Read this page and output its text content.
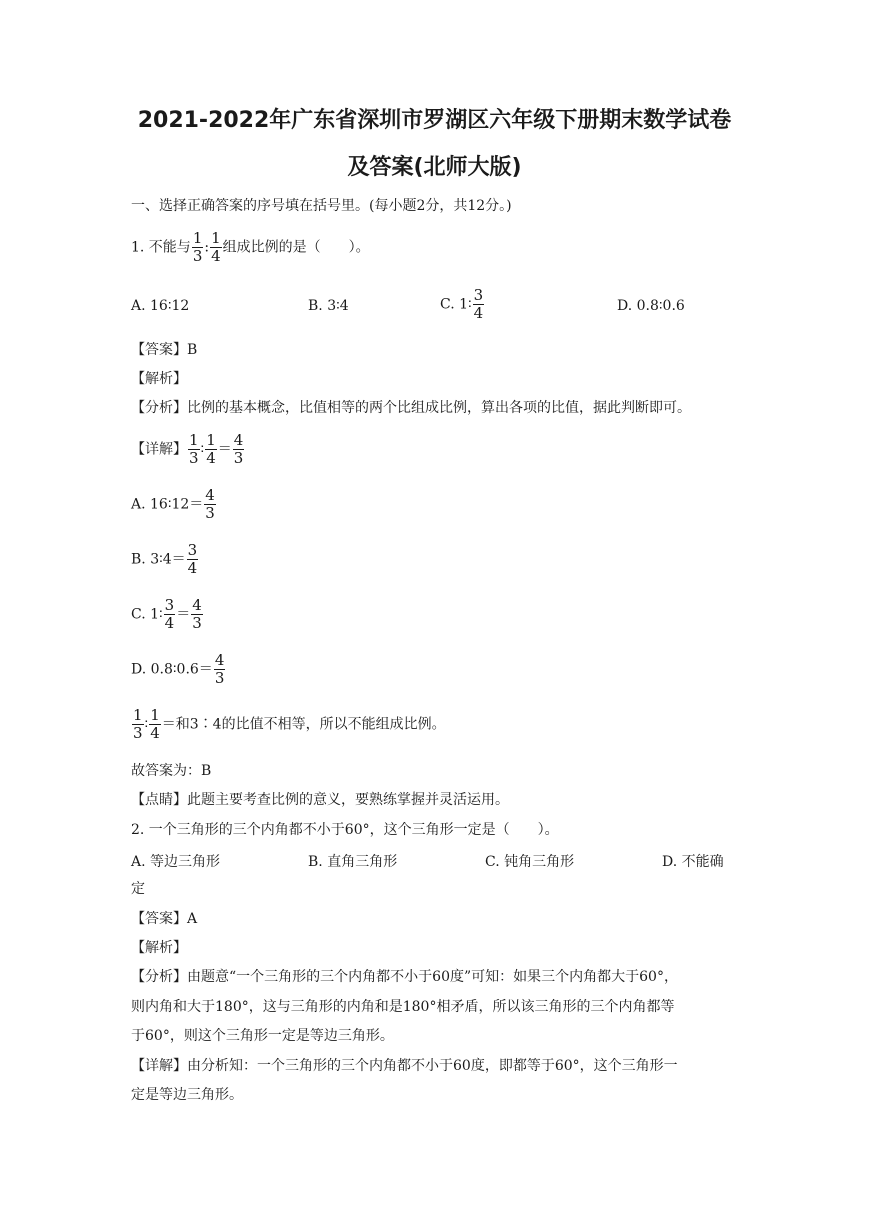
2021-2022年广东省深圳市罗湖区六年级下册期末数学试卷
及答案(北师大版)
一、选择正确答案的序号填在括号里。(每小题2分，共12分。)
1. 不能与 $\frac{1}{3}$ : $\frac{1}{4}$ 组成比例的是（　　）。
A. 16∶12	B. 3∶4	C. 1∶ $\frac{3}{4}$	D. 0.8∶0.6
【答案】B
【解析】
【分析】比例的基本概念，比值相等的两个比组成比例，算出各项的比值，据此判断即可。
【详解】 $\frac{1}{3}$ ∶ $\frac{1}{4} = \frac{4}{3}$
A. 16∶12＝ $\frac{4}{3}$
B. 3∶4＝ $\frac{3}{4}$
C. 1∶ $\frac{3}{4} = \frac{4}{3}$
D. 0.8∶0.6＝ $\frac{4}{3}$
$\frac{1}{3}$ ∶ $\frac{1}{4}$ ＝和3∶4的比值不相等，所以不能组成比例。
故答案为：B
【点睛】此题主要考查比例的意义，要熟练掌握并灵活运用。
2. 一个三角形的三个内角都不小于60°，这个三角形一定是（　　）。
A. 等边三角形	B. 直角三角形	C. 钝角三角形	D. 不能确
定
【答案】A
【解析】
【分析】由题意“一个三角形的三个内角都不小于60度”可知：如果三个内角都大于60°，
则内角和大于180°，这与三角形的内角和是180°相矛盾，所以该三角形的三个内角都等
于60°，则这个三角形一定是等边三角形。
【详解】由分析知：一个三角形的三个内角都不小于60度，即都等于60°，这个三角形一
定是等边三角形。
